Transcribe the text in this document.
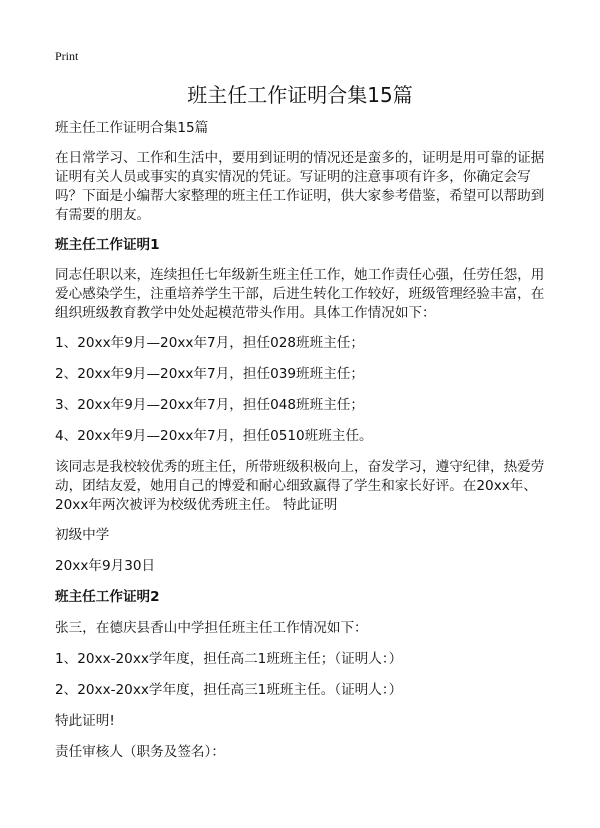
Print
班主任工作证明合集15篇
班主任工作证明合集15篇

在日常学习、工作和生活中，要用到证明的情况还是蛮多的，证明是用可靠的证据证明有关人员或事实的真实情况的凭证。写证明的注意事项有许多，你确定会写吗？下面是小编帮大家整理的班主任工作证明，供大家参考借鉴，希望可以帮助到有需要的朋友。

班主任工作证明1

同志任职以来，连续担任七年级新生班主任工作，她工作责任心强，任劳任怨，用爱心感染学生，注重培养学生干部，后进生转化工作较好，班级管理经验丰富，在组织班级教育教学中处处起模范带头作用。具体工作情况如下：

1、20xx年9月—20xx年7月，担任028班班主任；
2、20xx年9月—20xx年7月，担任039班班主任；
3、20xx年9月—20xx年7月，担任048班班主任；
4、20xx年9月—20xx年7月，担任0510班班主任。

该同志是我校较优秀的班主任，所带班级积极向上，奋发学习，遵守纪律，热爱劳动，团结友爱，她用自己的博爱和耐心细致赢得了学生和家长好评。在20xx年、20xx年两次被评为校级优秀班主任。 特此证明

初级中学
20xx年9月30日
班主任工作证明2
张三，在德庆县香山中学担任班主任工作情况如下：
1、20xx-20xx学年度，担任高二1班班主任；（证明人：）
2、20xx-20xx学年度，担任高三1班班主任。（证明人：）
特此证明!
责任审核人（职务及签名）：
